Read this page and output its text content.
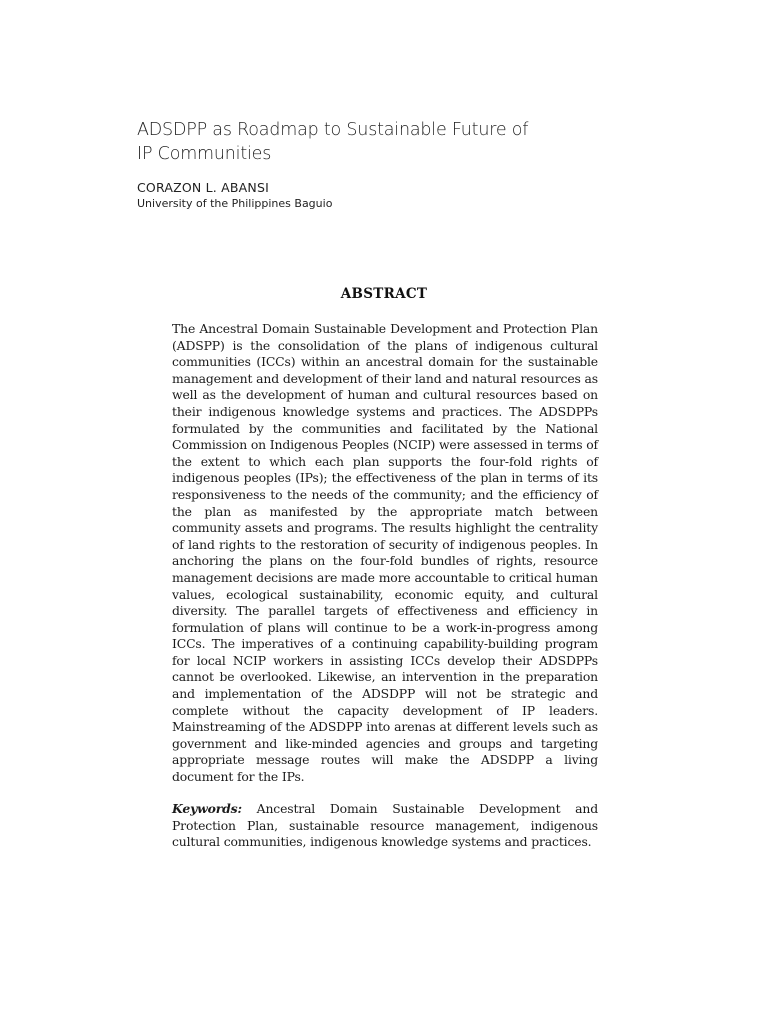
ADSDPP as Roadmap to Sustainable Future of
IP Communities

CORAZON L. ABANSI

University of the Philippines Baguio

ABSTRACT

The Ancestral Domain Sustainable Development and Protection Plan (ADSPP) is the consolidation of the plans of indigenous cultural communities (ICCs) within an ancestral domain for the sustainable management and development of their land and natural resources as well as the development of human and cultural resources based on their indigenous knowledge systems and practices. The ADSDPPs formulated by the communities and facilitated by the National Commission on Indigenous Peoples (NCIP) were assessed in terms of the extent to which each plan supports the four-fold rights of indigenous peoples (IPs); the effectiveness of the plan in terms of its responsiveness to the needs of the community; and the efficiency of the plan as manifested by the appropriate match between community assets and programs. The results highlight the centrality of land rights to the restoration of security of indigenous peoples. In anchoring the plans on the four-fold bundles of rights, resource management decisions are made more accountable to critical human values, ecological sustainability, economic equity, and cultural diversity. The parallel targets of effectiveness and efficiency in formulation of plans will continue to be a work-in-progress among ICCs. The imperatives of a continuing capability-building program for local NCIP workers in assisting ICCs develop their ADSDPPs cannot be overlooked. Likewise, an intervention in the preparation and implementation of the ADSDPP will not be strategic and complete without the capacity development of IP leaders. Mainstreaming of the ADSDPP into arenas at different levels such as government and like-minded agencies and groups and targeting appropriate message routes will make the ADSDPP a living document for the IPs.

Keywords: Ancestral Domain Sustainable Development and Protection Plan, sustainable resource management, indigenous cultural communities, indigenous knowledge systems and practices.
